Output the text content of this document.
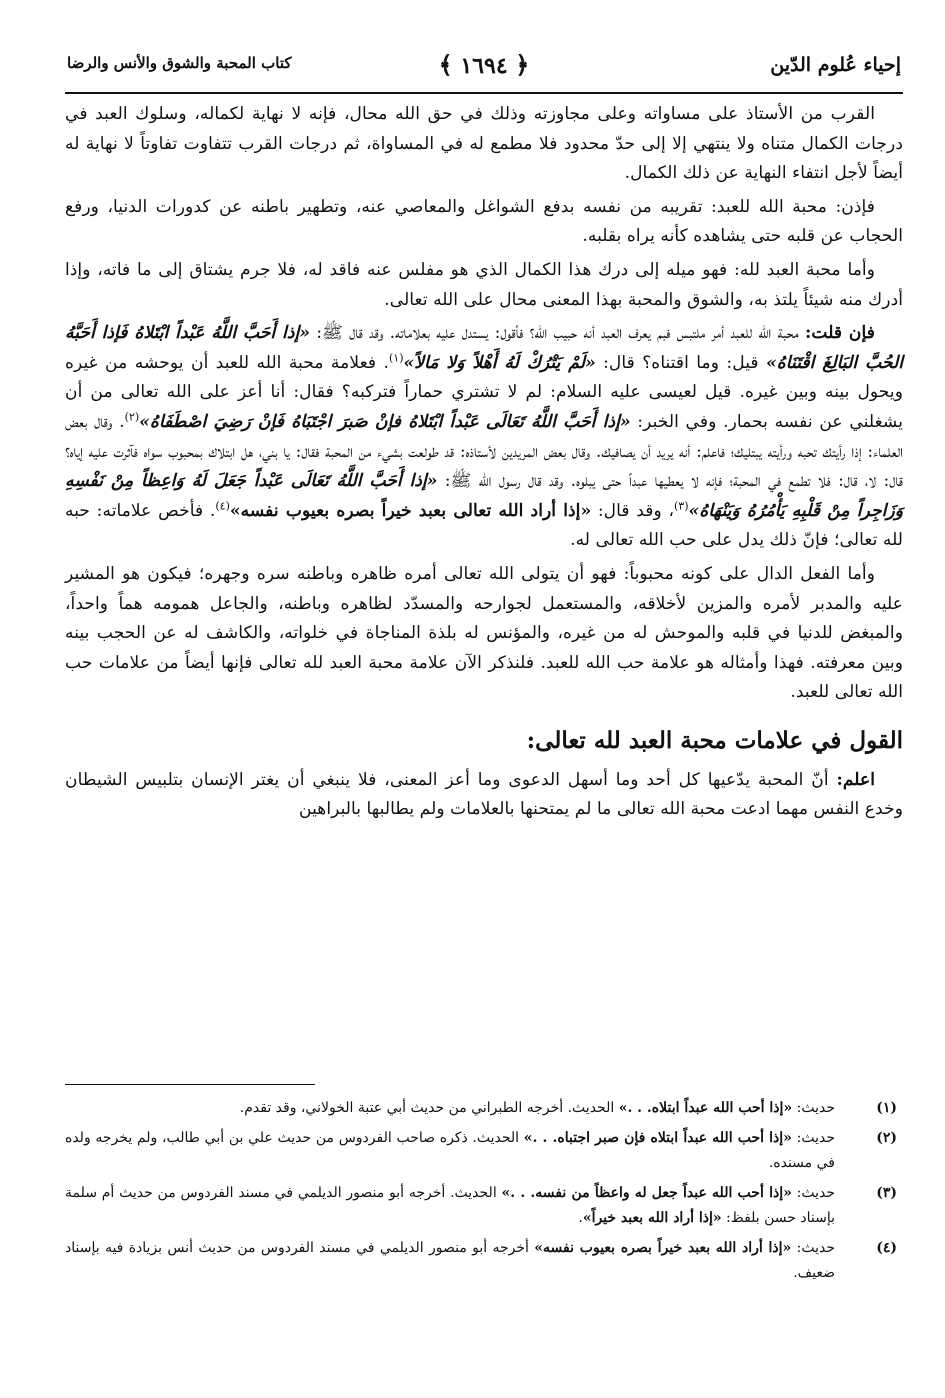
إحياء عُلوم الدّين
﴿ ١٦٩٤ ﴾
كتاب المحبة والشوق والأنس والرضا

القرب من الأستاذ على مساواته وعلى مجاوزته وذلك في حق الله محال، فإنه لا نهاية لكماله، وسلوك العبد في درجات الكمال متناه ولا ينتهي إلا إلى حدّ محدود فلا مطمع له في المساواة، ثم درجات القرب تتفاوت تفاوتاً لا نهاية له أيضاً لأجل انتفاء النهاية عن ذلك الكمال.

فإذن: محبة الله للعبد: تقريبه من نفسه بدفع الشواغل والمعاصي عنه، وتطهير باطنه عن كدورات الدنيا، ورفع الحجاب عن قلبه حتى يشاهده كأنه يراه بقلبه.

وأما محبة العبد لله: فهو ميله إلى درك هذا الكمال الذي هو مفلس عنه فاقد له، فلا جرم يشتاق إلى ما فاته، وإذا أدرك منه شيئاً يلتذ به، والشوق والمحبة بهذا المعنى محال على الله تعالى.

فإن قلت: محبة الله للعبد أمر ملتبس فبم يعرف العبد أنه حبيب الله؟ فأقول: يستدل عليه بعلاماته. وقد قال ﷺ: «إذا أَحَبَّ اللَّهُ عَبْداً ابْتَلاهُ فَإذا أَحَبَّهُ الحُبَّ البَالِغَ اقْتَنَاهُ» قيل: وما اقتناه؟ قال: «لَمْ يَتْرُكْ لَهُ أَهْلاً وَلا مَالاً»$^{(١)}$. فعلامة محبة الله للعبد أن يوحشه من غيره ويحول بينه وبين غيره. قيل لعيسى عليه السلام: لم لا تشتري حماراً فتركبه؟ فقال: أنا أعز على الله تعالى من أن يشغلني عن نفسه بحمار. وفي الخبر: «إذا أَحَبَّ اللَّهُ تَعَالَى عَبْداً ابْتَلاهُ فإنْ صَبرَ اجْتَبَاهُ فَإنْ رَضِيَ اصْطَفَاهُ»$^{(٢)}$. وقال بعض العلماء: إذا رأيتك تحبه ورأيته يبتليك؛ فاعلم: أنه يريد أن يصافيك. وقال بعض المريدين لأستاذه: قد طولعت بشيء من المحبة فقال: يا بني، هل ابتلاك بمحبوب سواه فآثرت عليه إياه؟ قال: لا، قال: فلا تطمع في المحبة؛ فإنه لا يعطيها عبداً حتى يبلوه. وقد قال رسول الله ﷺ: «إذا أَحَبَّ اللَّهُ تَعَالَى عَبْداً جَعَلَ لَهُ وَاعِظاً مِنْ نَفْسِهِ وَزَاجِراً مِنْ قَلْبِهِ يَأْمُرُهُ وَيَنْهَاهُ»$^{(٣)}$، وقد قال: «إذا أراد الله تعالى بعبد خيراً بصره بعيوب نفسه»$^{(٤)}$. فأخص علاماته: حبه لله تعالى؛ فإنّ ذلك يدل على حب الله تعالى له.

وأما الفعل الدال على كونه محبوباً: فهو أن يتولى الله تعالى أمره ظاهره وباطنه سره وجهره؛ فيكون هو المشير عليه والمدبر لأمره والمزين لأخلاقه، والمستعمل لجوارحه والمسدّد لظاهره وباطنه، والجاعل همومه هماً واحداً، والمبغض للدنيا في قلبه والموحش له من غيره، والمؤنس له بلذة المناجاة في خلواته، والكاشف له عن الحجب بينه وبين معرفته. فهذا وأمثاله هو علامة حب الله للعبد. فلنذكر الآن علامة محبة العبد لله تعالى فإنها أيضاً من علامات حب الله تعالى للعبد.

القول في علامات محبة العبد لله تعالى:

اعلم: أنّ المحبة يدّعيها كل أحد وما أسهل الدعوى وما أعز المعنى، فلا ينبغي أن يغتر الإنسان بتلبيس الشيطان وخدع النفس مهما ادعت محبة الله تعالى ما لم يمتحنها بالعلامات ولم يطالبها بالبراهين

(١)
حديث: «إذا أحب الله عبداً ابتلاه. . .» الحديث. أخرجه الطبراني من حديث أبي عتبة الخولاني، وقد تقدم.
(٢)
حديث: «إذا أحب الله عبداً ابتلاه فإن صبر اجتباه. . .» الحديث. ذكره صاحب الفردوس من حديث علي بن أبي طالب، ولم يخرجه ولده في مسنده.
(٣)
حديث: «إذا أحب الله عبداً جعل له واعظاً من نفسه. . .» الحديث. أخرجه أبو منصور الديلمي في مسند الفردوس من حديث أم سلمة بإسناد حسن بلفظ: «إذا أراد الله بعبد خيراً».
(٤)
حديث: «إذا أراد الله بعبد خيراً بصره بعيوب نفسه» أخرجه أبو منصور الديلمي في مسند الفردوس من حديث أنس بزيادة فيه بإسناد ضعيف.
